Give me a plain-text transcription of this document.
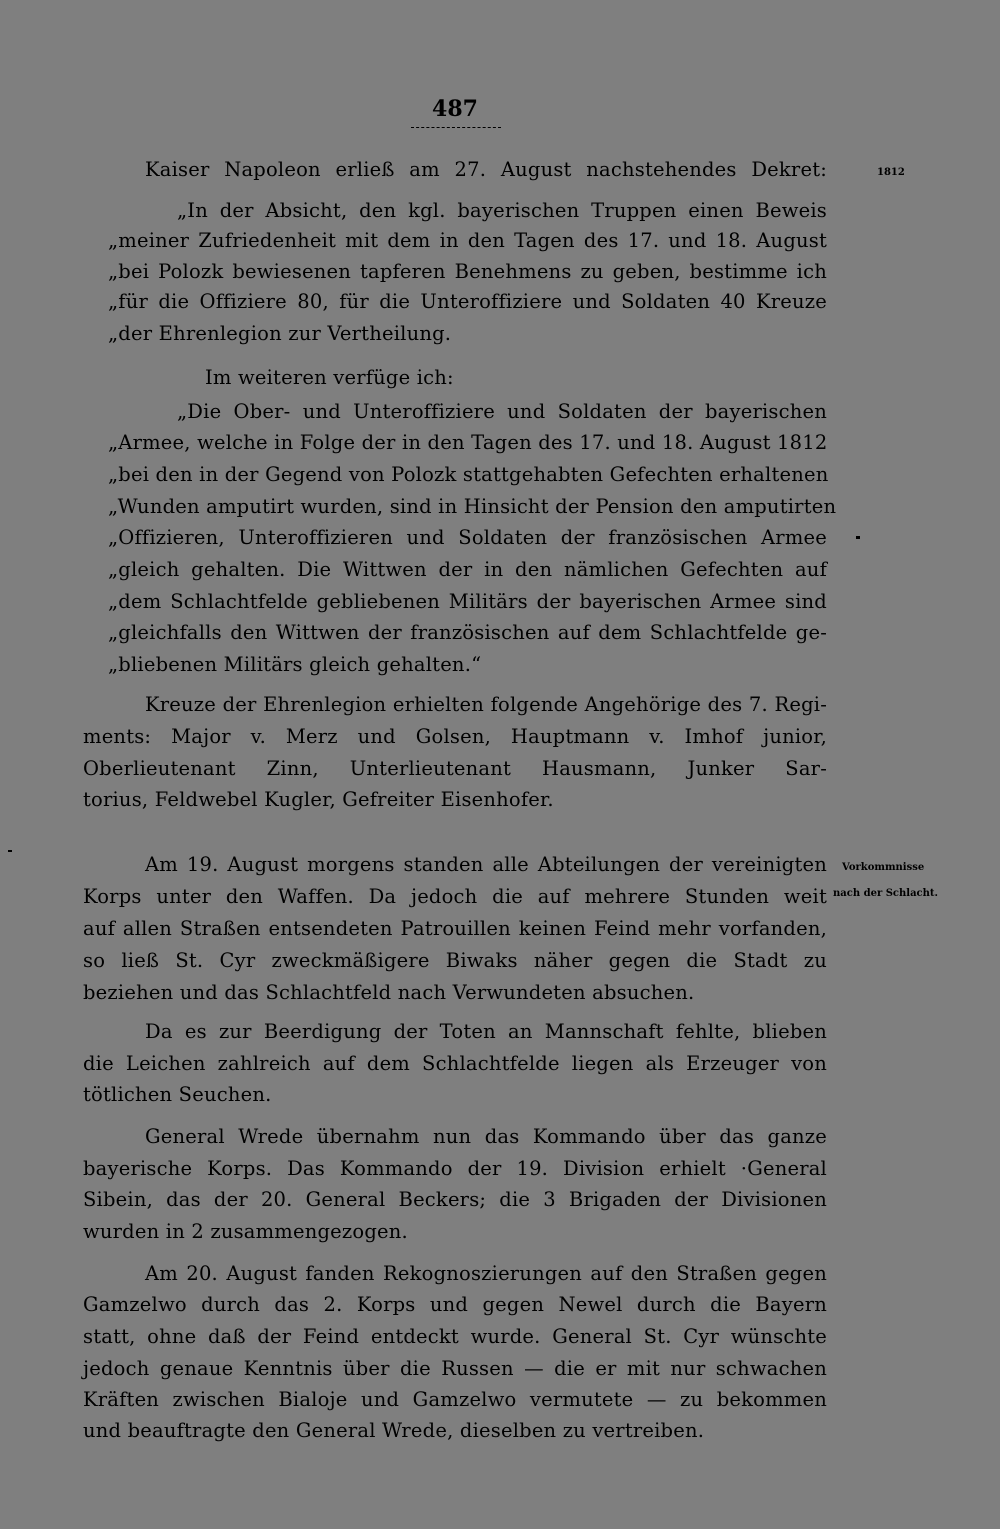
487
1812
Vorkommnisse
nach der Schlacht.
Kaiser Napoleon erließ am 27. August nachstehendes Dekret:
„In der Absicht, den kgl. bayerischen Truppen einen Beweis
„meiner Zufriedenheit mit dem in den Tagen des 17. und 18. August
„bei Polozk bewiesenen tapferen Benehmens zu geben, bestimme ich
„für die Offiziere 80, für die Unteroffiziere und Soldaten 40 Kreuze
„der Ehrenlegion zur Vertheilung.
Im weiteren verfüge ich:
„Die Ober- und Unteroffiziere und Soldaten der bayerischen
„Armee, welche in Folge der in den Tagen des 17. und 18. August 1812
„bei den in der Gegend von Polozk stattgehabten Gefechten erhaltenen
„Wunden amputirt wurden, sind in Hinsicht der Pension den amputirten
„Offizieren, Unteroffizieren und Soldaten der französischen Armee
„gleich gehalten. Die Wittwen der in den nämlichen Gefechten auf
„dem Schlachtfelde gebliebenen Militärs der bayerischen Armee sind
„gleichfalls den Wittwen der französischen auf dem Schlachtfelde ge-
„bliebenen Militärs gleich gehalten.“
Kreuze der Ehrenlegion erhielten folgende Angehörige des 7. Regi-
ments: Major v. Merz und Golsen, Hauptmann v. Imhof junior,
Oberlieutenant Zinn, Unterlieutenant Hausmann, Junker Sar-
torius, Feldwebel Kugler, Gefreiter Eisenhofer.
Am 19. August morgens standen alle Abteilungen der vereinigten
Korps unter den Waffen. Da jedoch die auf mehrere Stunden weit
auf allen Straßen entsendeten Patrouillen keinen Feind mehr vorfanden,
so ließ St. Cyr zweckmäßigere Biwaks näher gegen die Stadt zu
beziehen und das Schlachtfeld nach Verwundeten absuchen.
Da es zur Beerdigung der Toten an Mannschaft fehlte, blieben
die Leichen zahlreich auf dem Schlachtfelde liegen als Erzeuger von
tötlichen Seuchen.
General Wrede übernahm nun das Kommando über das ganze
bayerische Korps. Das Kommando der 19. Division erhielt ·General
Sibein, das der 20. General Beckers; die 3 Brigaden der Divisionen
wurden in 2 zusammengezogen.
Am 20. August fanden Rekognoszierungen auf den Straßen gegen
Gamzelwo durch das 2. Korps und gegen Newel durch die Bayern
statt, ohne daß der Feind entdeckt wurde. General St. Cyr wünschte
jedoch genaue Kenntnis über die Russen — die er mit nur schwachen
Kräften zwischen Bialoje und Gamzelwo vermutete — zu bekommen
und beauftragte den General Wrede, dieselben zu vertreiben.
